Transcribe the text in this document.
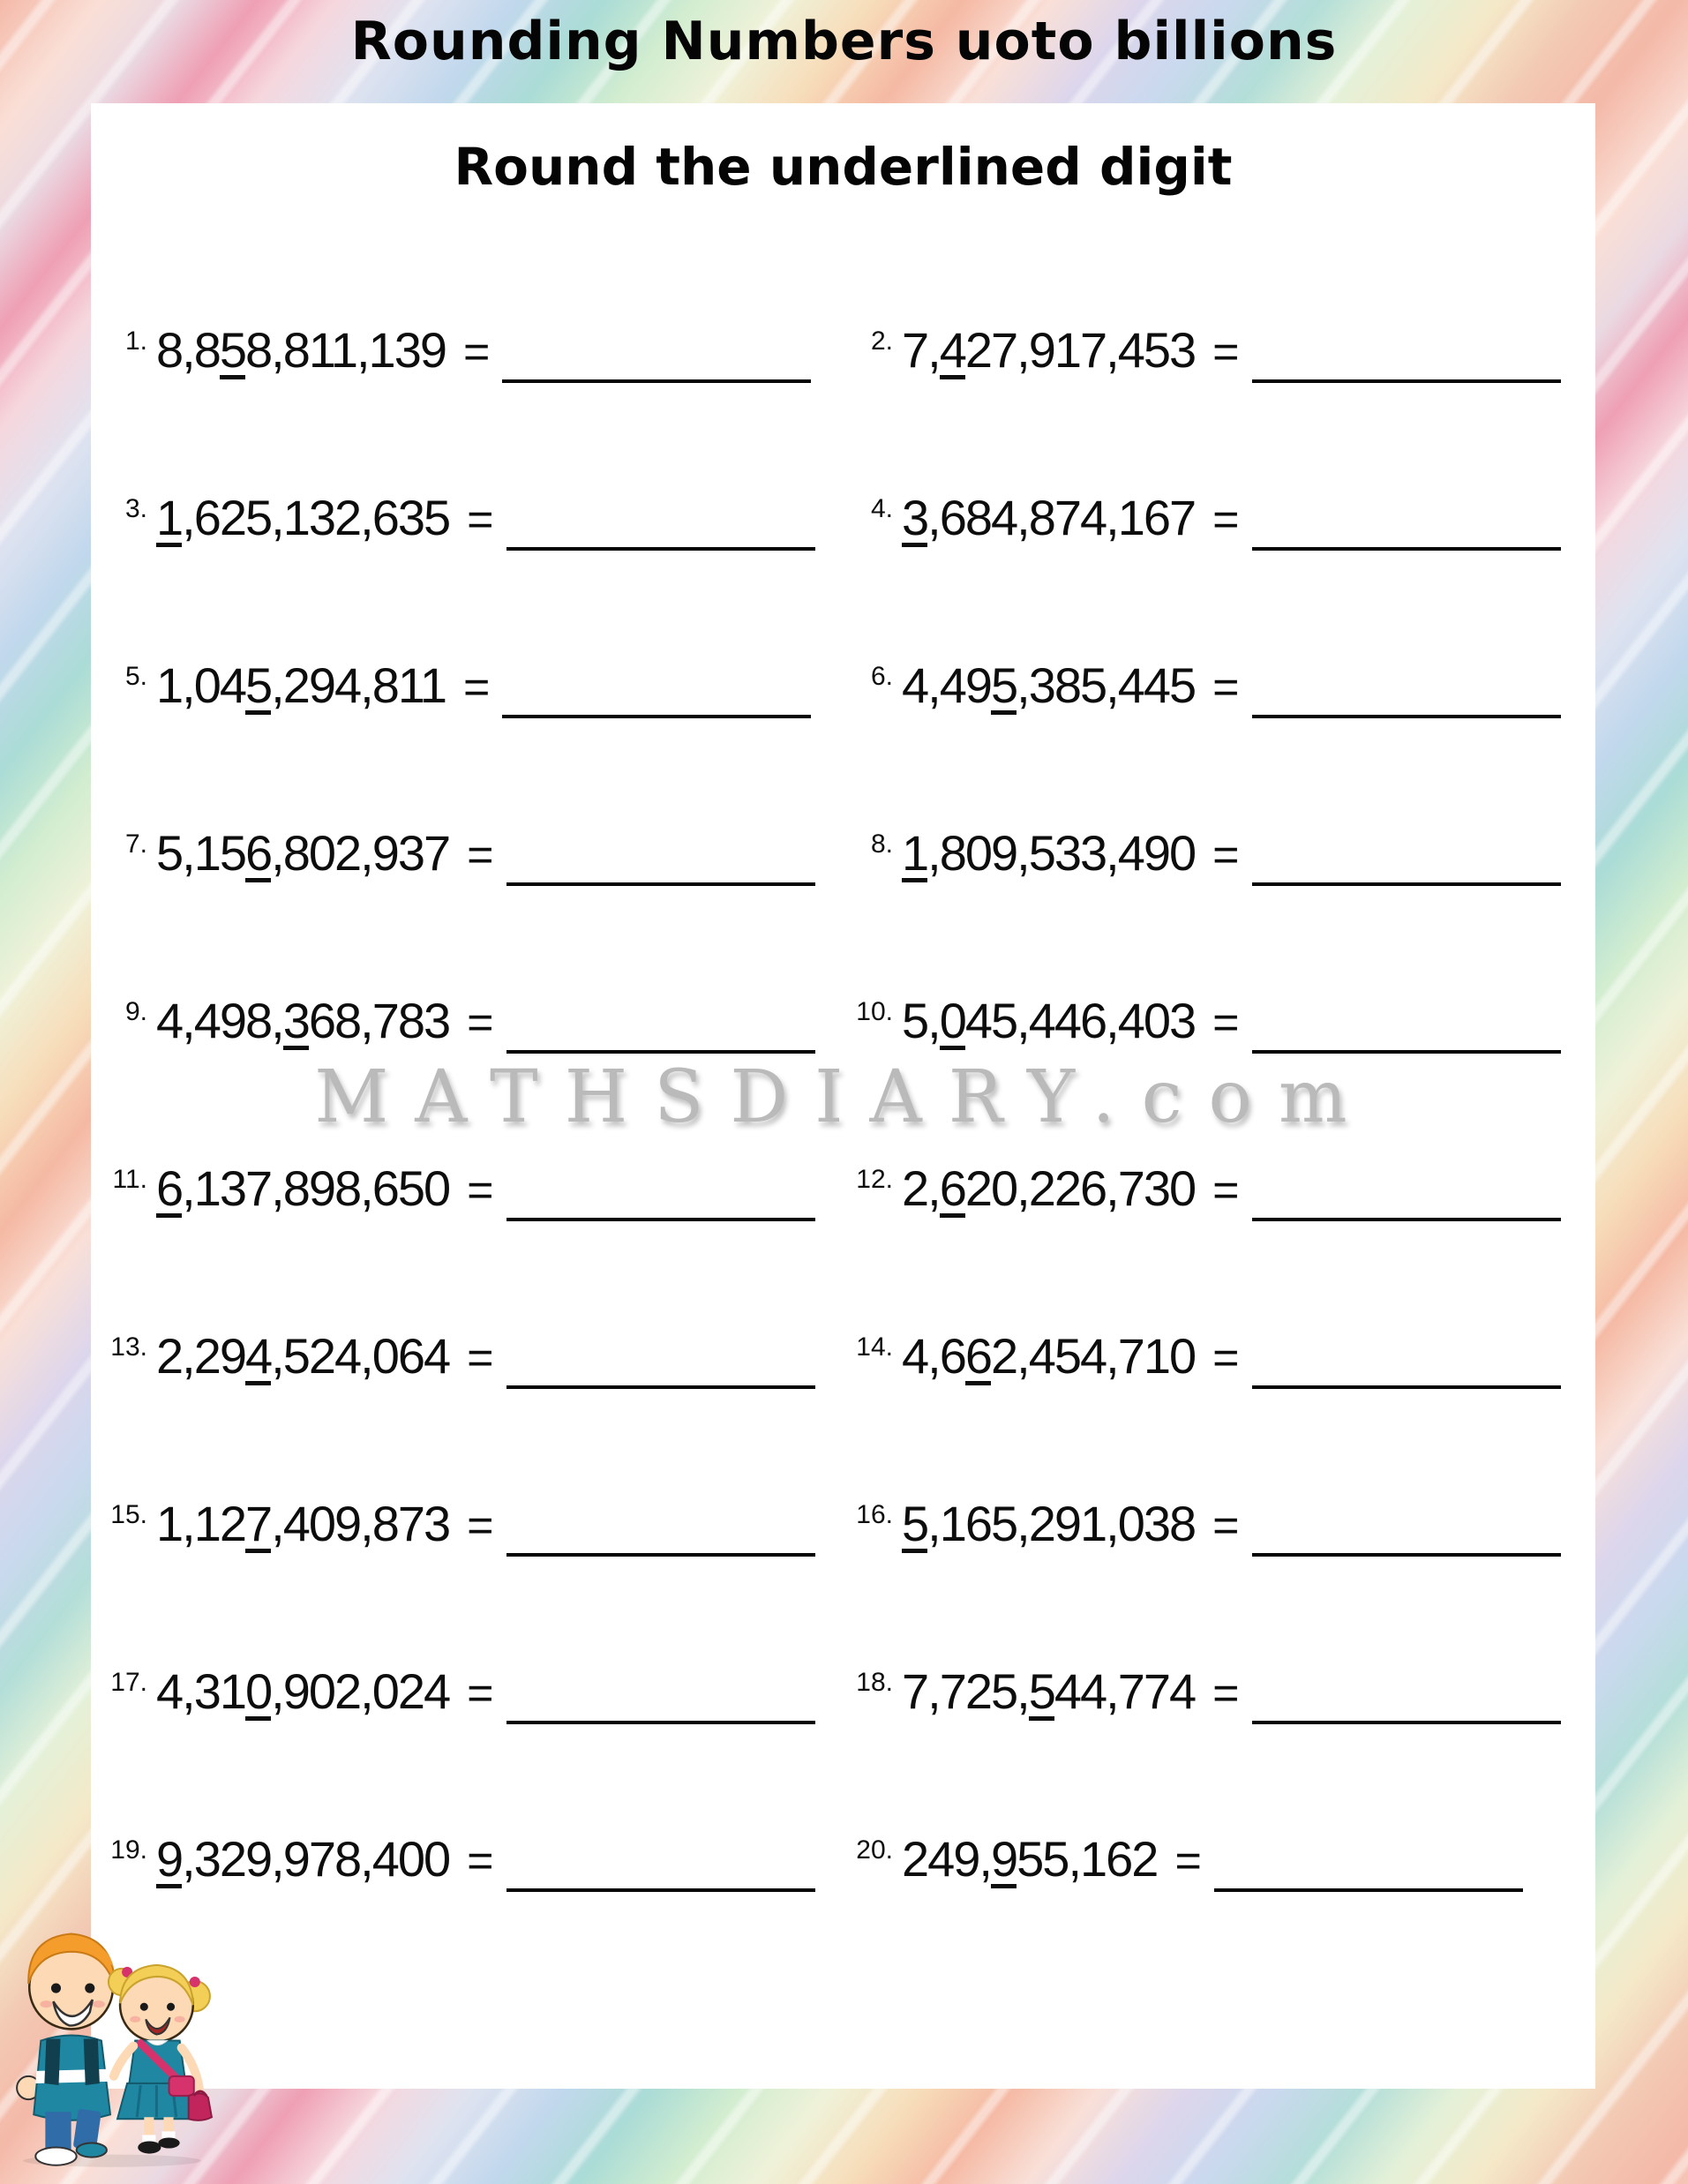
Rounding Numbers uoto billions
Round the underlined digit
1. 8,858,811,139 =	2. 7,427,917,453 =
3. 1,625,132,635 =	4. 3,684,874,167 =
5. 1,045,294,811 =	6. 4,495,385,445 =
7. 5,156,802,937 =	8. 1,809,533,490 =
9. 4,498,368,783 =	10. 5,045,446,403 =
11. 6,137,898,650 =	12. 2,620,226,730 =
13. 2,294,524,064 =	14. 4,662,454,710 =
15. 1,127,409,873 =	16. 5,165,291,038 =
17. 4,310,902,024 =	18. 7,725,544,774 =
19. 9,329,978,400 =	20. 249,955,162 =
MATHSDIARY.com
